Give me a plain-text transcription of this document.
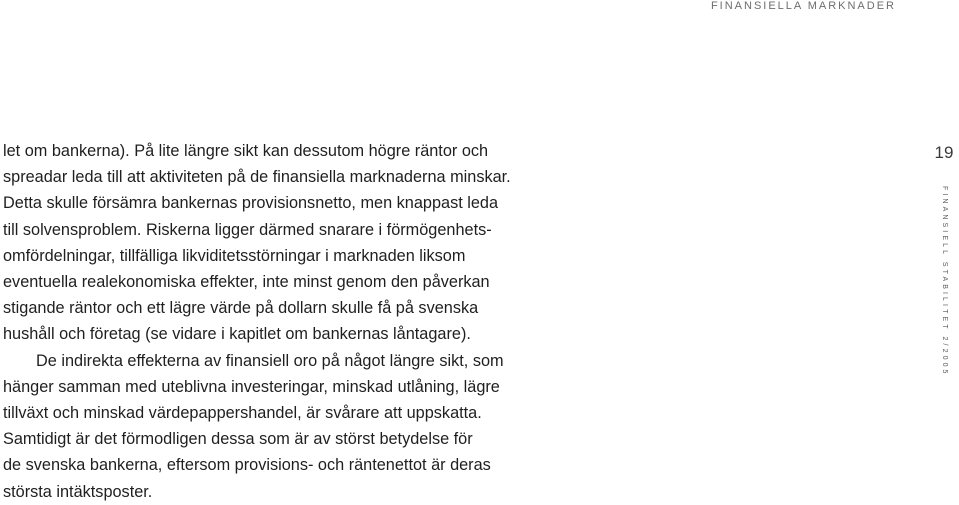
FINANSIELLA MARKNADER
19
FINANSIELL STABILITET 2/2005
let om bankerna). På lite längre sikt kan dessutom högre räntor och
spreadar leda till att aktiviteten på de finansiella marknaderna minskar.
Detta skulle försämra bankernas provisionsnetto, men knappast leda
till solvensproblem. Riskerna ligger därmed snarare i förmögenhets-
omfördelningar, tillfälliga likviditetsstörningar i marknaden liksom
eventuella realekonomiska effekter, inte minst genom den påverkan
stigande räntor och ett lägre värde på dollarn skulle få på svenska
hushåll och företag (se vidare i kapitlet om bankernas låntagare).
De indirekta effekterna av finansiell oro på något längre sikt, som
hänger samman med uteblivna investeringar, minskad utlåning, lägre
tillväxt och minskad värdepappershandel, är svårare att uppskatta.
Samtidigt är det förmodligen dessa som är av störst betydelse för
de svenska bankerna, eftersom provisions- och räntenettot är deras
största intäktsposter.
